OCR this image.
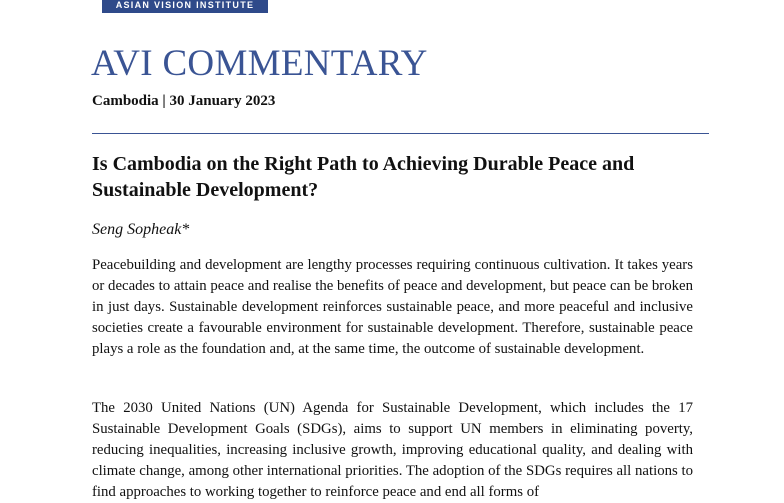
ASIAN VISION INSTITUTE
AVI COMMENTARY
Cambodia | 30 January 2023
Is Cambodia on the Right Path to Achieving Durable Peace and Sustainable Development?
Seng Sopheak*

Peacebuilding and development are lengthy processes requiring continuous cultivation. It takes years or decades to attain peace and realise the benefits of peace and development, but peace can be broken in just days. Sustainable development reinforces sustainable peace, and more peaceful and inclusive societies create a favourable environment for sustainable development. Therefore, sustainable peace plays a role as the foundation and, at the same time, the outcome of sustainable development.

The 2030 United Nations (UN) Agenda for Sustainable Development, which includes the 17 Sustainable Development Goals (SDGs), aims to support UN members in eliminating poverty, reducing inequalities, increasing inclusive growth, improving educational quality, and dealing with climate change, among other international priorities. The adoption of the SDGs requires all nations to find approaches to working together to reinforce peace and end all forms of
